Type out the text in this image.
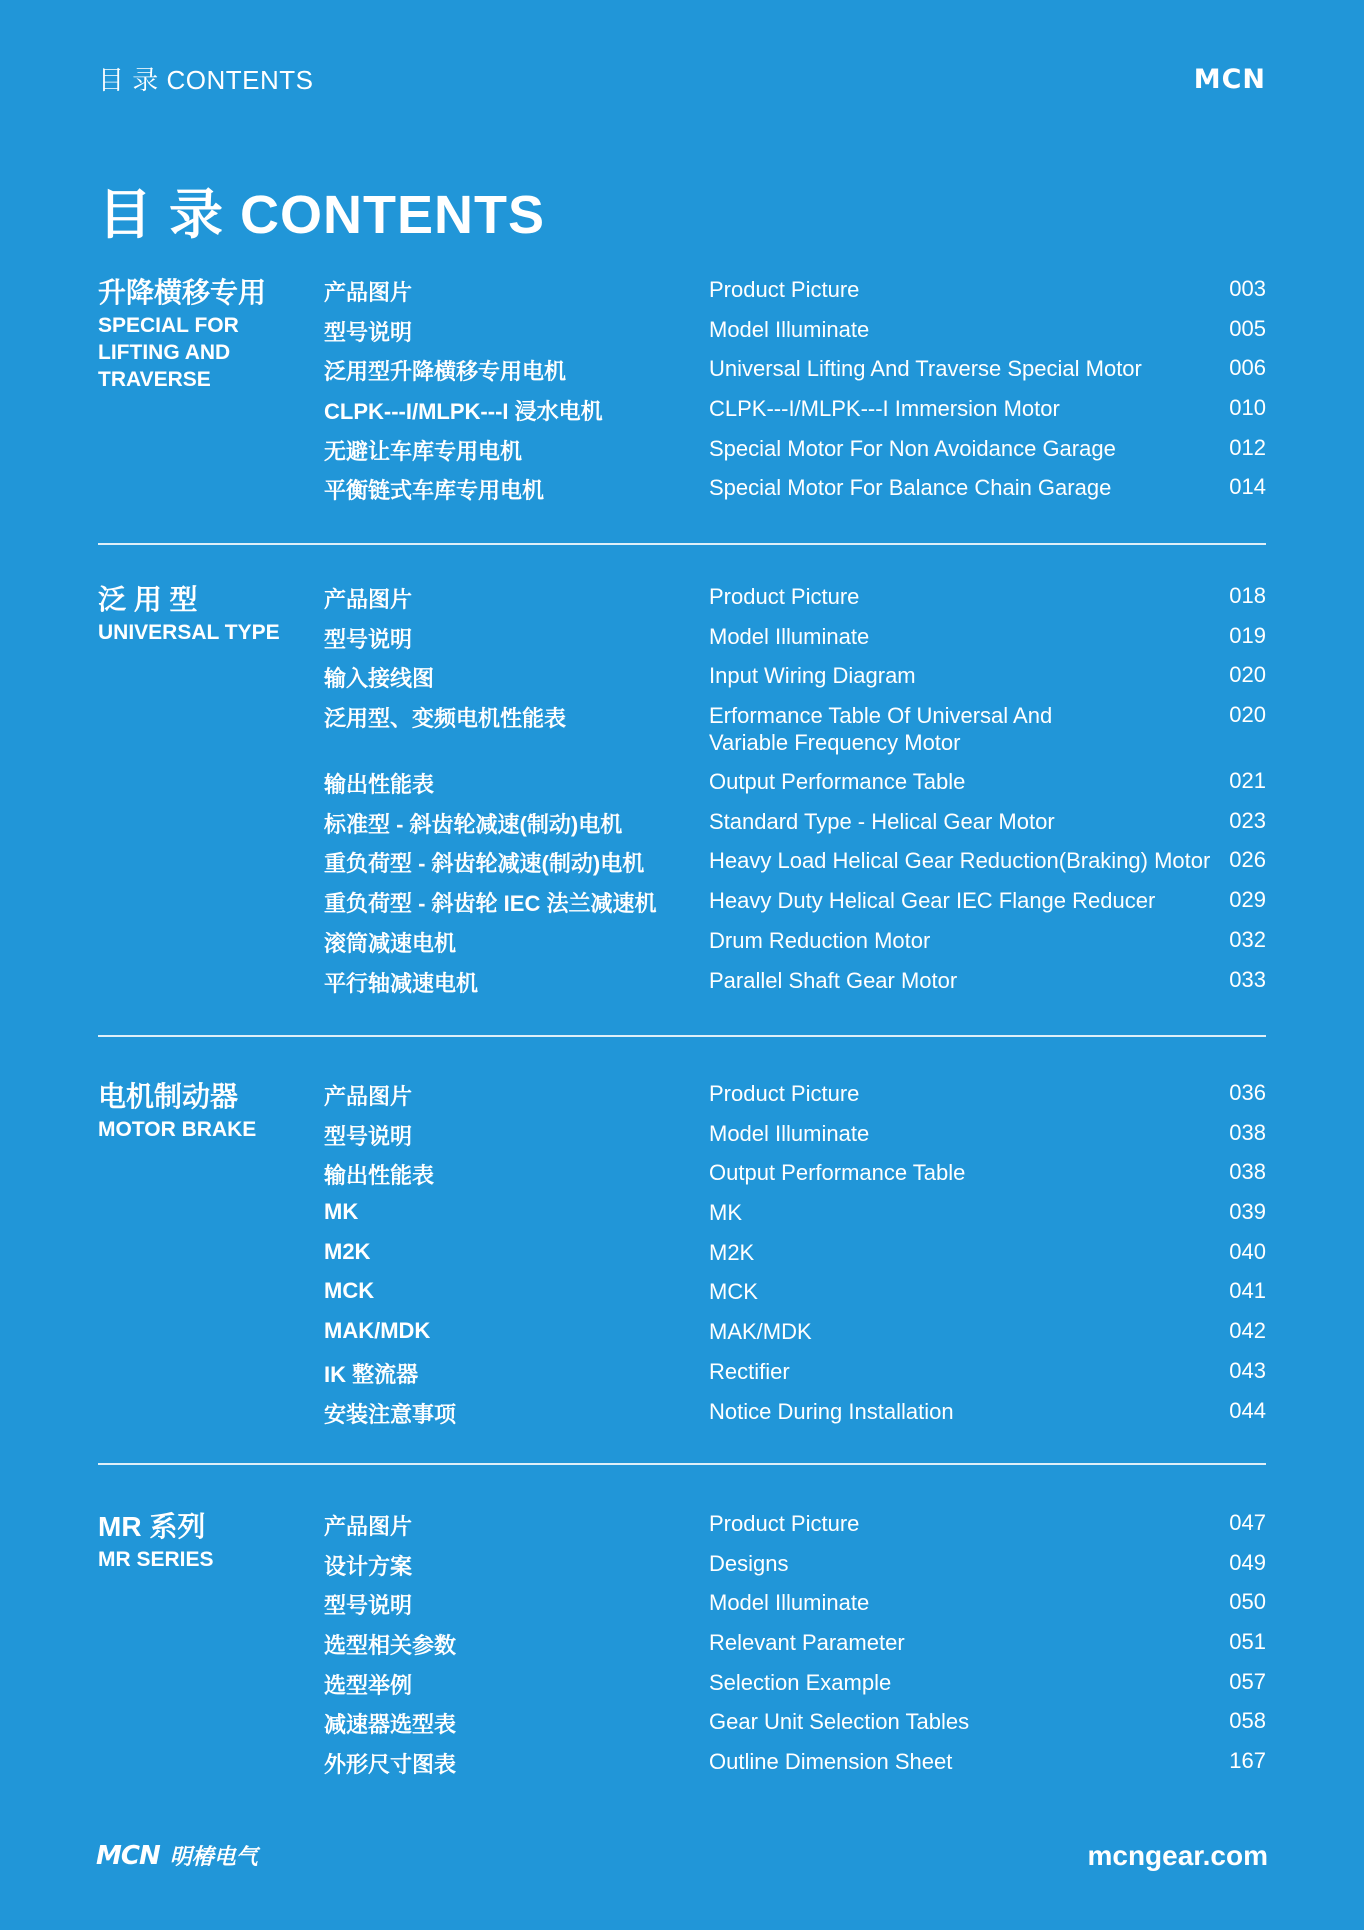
目 录 CONTENTS	MCN
目 录 CONTENTS
升降横移专用
SPECIAL FOR
LIFTING AND
TRAVERSE
产品图片	Product Picture	003
型号说明	Model Illuminate	005
泛用型升降横移专用电机	Universal Lifting And Traverse Special Motor	006
CLPK---I/MLPK---I 浸水电机	CLPK---I/MLPK---I Immersion Motor	010
无避让车库专用电机	Special Motor For Non Avoidance Garage	012
平衡链式车库专用电机	Special Motor For Balance Chain Garage	014
泛 用 型
UNIVERSAL TYPE
产品图片	Product Picture	018
型号说明	Model Illuminate	019
输入接线图	Input Wiring Diagram	020
泛用型、变频电机性能表	Erformance Table Of Universal And Variable Frequency Motor
020
输出性能表	Output Performance Table	021
标准型 - 斜齿轮减速(制动)电机	Standard Type - Helical Gear Motor	023
重负荷型 - 斜齿轮减速(制动)电机	Heavy Load Helical Gear Reduction(Braking) Motor 026
重负荷型 - 斜齿轮 IEC 法兰减速机 Heavy Duty Helical Gear IEC Flange Reducer	029
滚筒减速电机	Drum Reduction Motor	032
平行轴减速电机	Parallel Shaft Gear Motor	033
电机制动器
MOTOR BRAKE
产品图片	Product Picture	036
型号说明	Model Illuminate	038
输出性能表	Output Performance Table	038
MK	MK	039
M2K	M2K	040
MCK	MCK	041
MAK/MDK	MAK/MDK	042
IK 整流器	Rectifier	043
安装注意事项	Notice During Installation	044
MR 系列
MR SERIES
产品图片	Product Picture	047
设计方案	Designs	049
型号说明	Model Illuminate	050
选型相关参数	Relevant Parameter	051
选型举例	Selection Example	057
减速器选型表	Gear Unit Selection Tables	058
外形尺寸图表	Outline Dimension Sheet	167
MCN 明椿电气	mcngear.com
